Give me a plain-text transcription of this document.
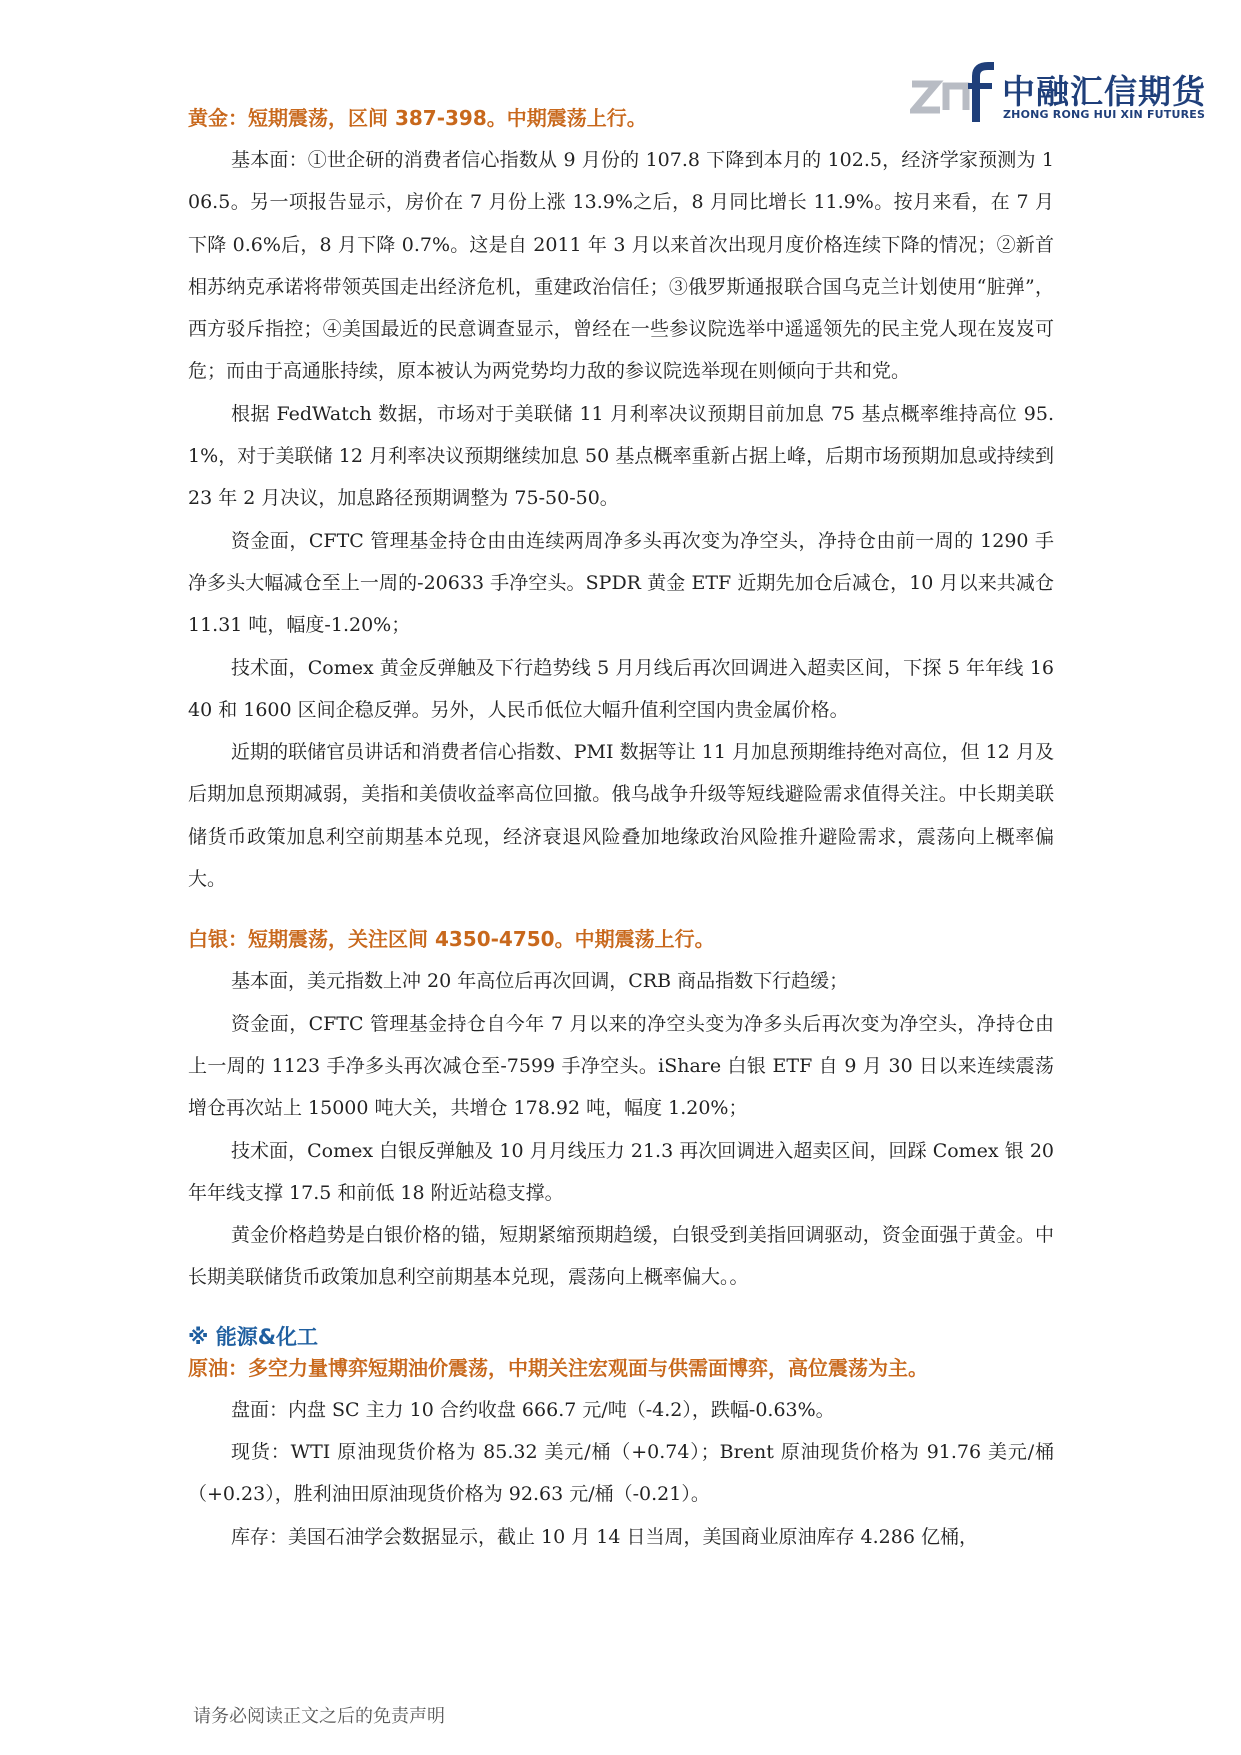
中融汇信期货
ZHONG RONG HUI XIN FUTURES

黄金：短期震荡，区间 387-398。中期震荡上行。

基本面：①世企研的消费者信心指数从 9 月份的 107.8 下降到本月的 102.5，经济学家预测为 106.5。另一项报告显示，房价在 7 月份上涨 13.9%之后，8 月同比增长 11.9%。按月来看，在 7 月下降 0.6%后，8 月下降 0.7%。这是自 2011 年 3 月以来首次出现月度价格连续下降的情况；②新首相苏纳克承诺将带领英国走出经济危机，重建政治信任；③俄罗斯通报联合国乌克兰计划使用“脏弹”，西方驳斥指控；④美国最近的民意调查显示，曾经在一些参议院选举中遥遥领先的民主党人现在岌岌可危；而由于高通胀持续，原本被认为两党势均力敌的参议院选举现在则倾向于共和党。

根据 FedWatch 数据，市场对于美联储 11 月利率决议预期目前加息 75 基点概率维持高位 95.1%，对于美联储 12 月利率决议预期继续加息 50 基点概率重新占据上峰，后期市场预期加息或持续到 23 年 2 月决议，加息路径预期调整为 75-50-50。

资金面，CFTC 管理基金持仓由由连续两周净多头再次变为净空头，净持仓由前一周的 1290 手净多头大幅减仓至上一周的-20633 手净空头。SPDR 黄金 ETF 近期先加仓后减仓，10 月以来共减仓 11.31 吨，幅度-1.20%；

技术面，Comex 黄金反弹触及下行趋势线 5 月月线后再次回调进入超卖区间，下探 5 年年线 1640 和 1600 区间企稳反弹。另外，人民币低位大幅升值利空国内贵金属价格。

近期的联储官员讲话和消费者信心指数、PMI 数据等让 11 月加息预期维持绝对高位，但 12 月及后期加息预期减弱，美指和美债收益率高位回撤。俄乌战争升级等短线避险需求值得关注。中长期美联储货币政策加息利空前期基本兑现，经济衰退风险叠加地缘政治风险推升避险需求，震荡向上概率偏大。

白银：短期震荡，关注区间 4350-4750。中期震荡上行。

基本面，美元指数上冲 20 年高位后再次回调，CRB 商品指数下行趋缓；

资金面，CFTC 管理基金持仓自今年 7 月以来的净空头变为净多头后再次变为净空头，净持仓由上一周的 1123 手净多头再次减仓至-7599 手净空头。iShare 白银 ETF 自 9 月 30 日以来连续震荡增仓再次站上 15000 吨大关，共增仓 178.92 吨，幅度 1.20%；

技术面，Comex 白银反弹触及 10 月月线压力 21.3 再次回调进入超卖区间，回踩 Comex 银 20 年年线支撑 17.5 和前低 18 附近站稳支撑。

黄金价格趋势是白银价格的锚，短期紧缩预期趋缓，白银受到美指回调驱动，资金面强于黄金。中长期美联储货币政策加息利空前期基本兑现，震荡向上概率偏大。。

※ 能源&化工

原油：多空力量博弈短期油价震荡，中期关注宏观面与供需面博弈，高位震荡为主。

盘面：内盘 SC 主力 10 合约收盘 666.7 元/吨（-4.2），跌幅-0.63%。

现货：WTI 原油现货价格为 85.32 美元/桶（+0.74）；Brent 原油现货价格为 91.76 美元/桶（+0.23），胜利油田原油现货价格为 92.63 元/桶（-0.21）。

库存：美国石油学会数据显示，截止 10 月 14 日当周，美国商业原油库存 4.286 亿桶，

请务必阅读正文之后的免责声明
